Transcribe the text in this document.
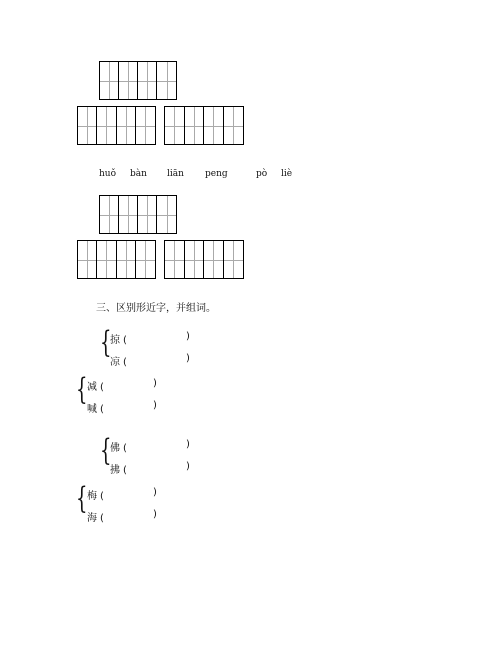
huǒ bàn liān peng	pò liè
三、区别形近字，并组词。
{
掠 (	)
凉 (	)
{ 减 (	)
喊 (	)
{
佛 (	)
拂 (	)
{ 梅 (	)
海 (	)
